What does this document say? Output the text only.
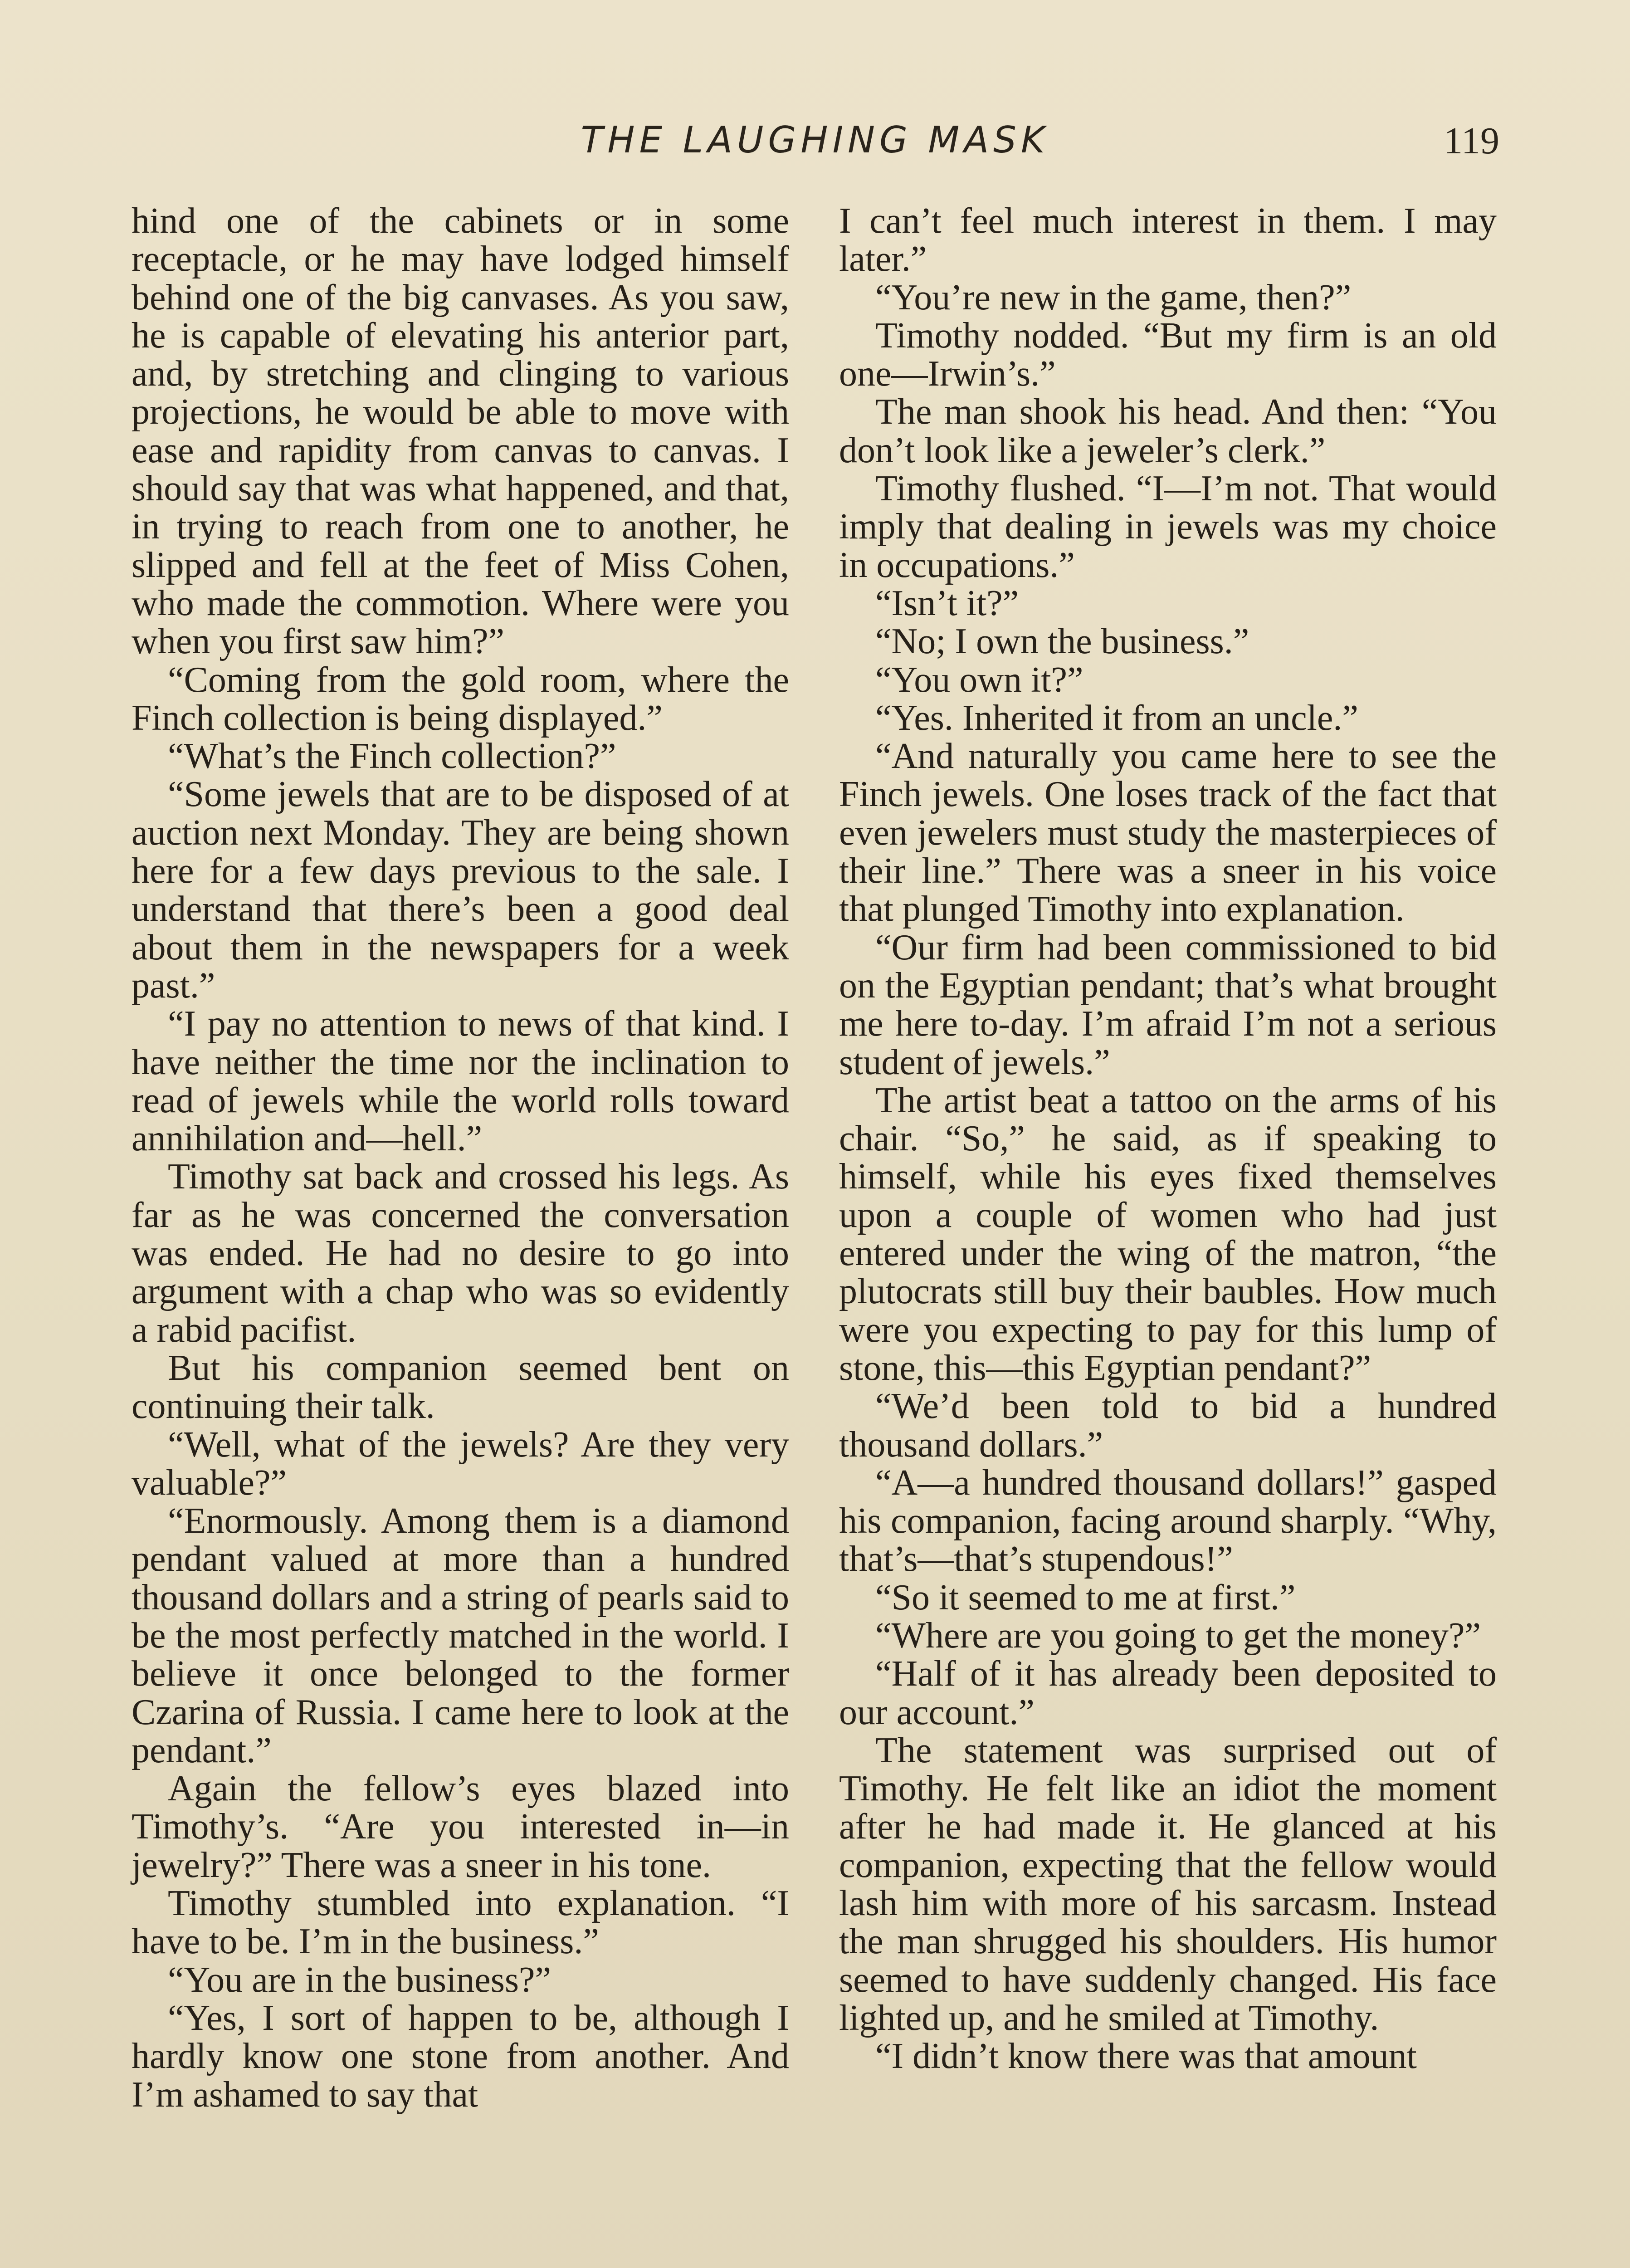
THE LAUGHING MASK	119

hind one of the cabinets or in some receptacle, or he may have lodged himself behind one of the big canvases. As you saw, he is capable of elevating his anterior part, and, by stretching and clinging to various projections, he would be able to move with ease and rapidity from canvas to canvas. I should say that was what happened, and that, in trying to reach from one to another, he slipped and fell at the feet of Miss Cohen, who made the commotion. Where were you when you first saw him?”

“Coming from the gold room, where the Finch collection is being displayed.”

“What’s the Finch collection?”

“Some jewels that are to be disposed of at auction next Monday. They are being shown here for a few days previous to the sale. I understand that there’s been a good deal about them in the newspapers for a week past.”

“I pay no attention to news of that kind. I have neither the time nor the inclination to read of jewels while the world rolls toward annihilation and—hell.”

Timothy sat back and crossed his legs. As far as he was concerned the conversation was ended. He had no desire to go into argument with a chap who was so evidently a rabid pacifist.

But his companion seemed bent on continuing their talk.

“Well, what of the jewels? Are they very valuable?”

“Enormously. Among them is a diamond pendant valued at more than a hundred thousand dollars and a string of pearls said to be the most perfectly matched in the world. I believe it once belonged to the former Czarina of Russia. I came here to look at the pendant.”

Again the fellow’s eyes blazed into Timothy’s. “Are you interested in—in jewelry?” There was a sneer in his tone.

Timothy stumbled into explanation. “I have to be. I’m in the business.”

“You are in the business?”

“Yes, I sort of happen to be, although I hardly know one stone from another. And I’m ashamed to say that

I can’t feel much interest in them. I may later.”

“You’re new in the game, then?”

Timothy nodded. “But my firm is an old one—Irwin’s.”

The man shook his head. And then: “You don’t look like a jeweler’s clerk.”

Timothy flushed. “I—I’m not. That would imply that dealing in jewels was my choice in occupations.”

“Isn’t it?”

“No; I own the business.”

“You own it?”

“Yes. Inherited it from an uncle.”

“And naturally you came here to see the Finch jewels. One loses track of the fact that even jewelers must study the masterpieces of their line.” There was a sneer in his voice that plunged Timothy into explanation.

“Our firm had been commissioned to bid on the Egyptian pendant; that’s what brought me here to-day. I’m afraid I’m not a serious student of jewels.”

The artist beat a tattoo on the arms of his chair. “So,” he said, as if speaking to himself, while his eyes fixed themselves upon a couple of women who had just entered under the wing of the matron, “the plutocrats still buy their baubles. How much were you expecting to pay for this lump of stone, this—this Egyptian pendant?”

“We’d been told to bid a hundred thousand dollars.”

“A—a hundred thousand dollars!” gasped his companion, facing around sharply. “Why, that’s—that’s stupendous!”

“So it seemed to me at first.”

“Where are you going to get the money?”

“Half of it has already been deposited to our account.”

The statement was surprised out of Timothy. He felt like an idiot the moment after he had made it. He glanced at his companion, expecting that the fellow would lash him with more of his sarcasm. Instead the man shrugged his shoulders. His humor seemed to have suddenly changed. His face lighted up, and he smiled at Timothy.

“I didn’t know there was that amount
